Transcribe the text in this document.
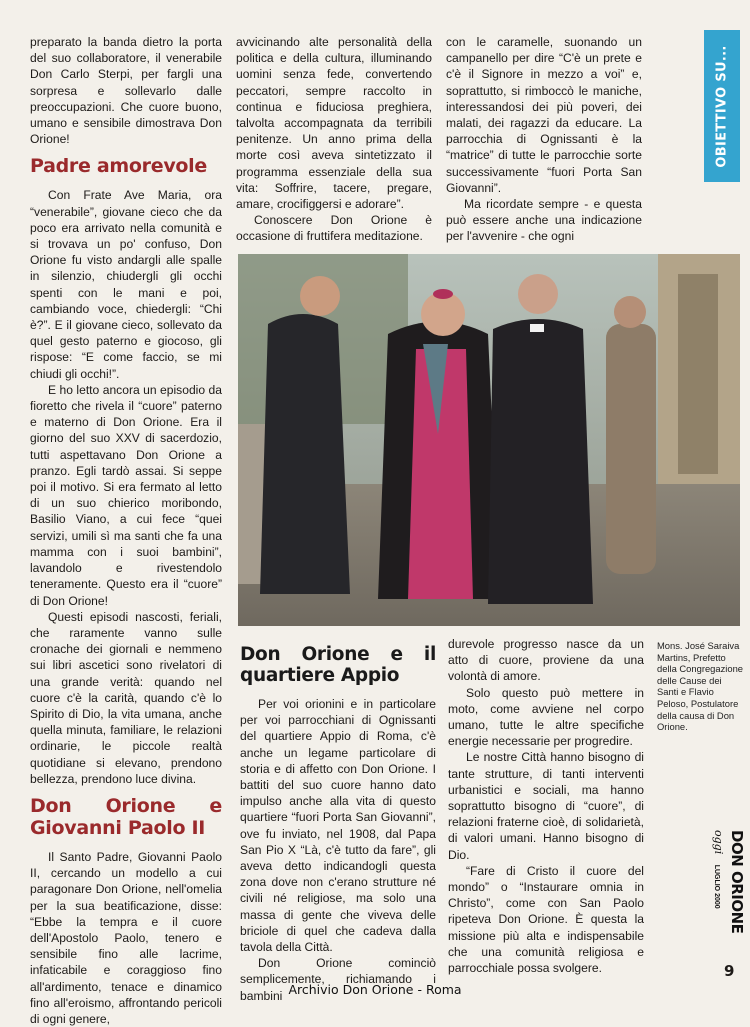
OBIETTIVO SU...

preparato la banda dietro la porta del suo collaboratore, il venerabile Don Carlo Sterpi, per fargli una sorpresa e sollevarlo dalle preoccupazioni. Che cuore buono, umano e sensibile dimostrava Don Orione!

Padre amorevole

Con Frate Ave Maria, ora “venerabile”, giovane cieco che da poco era arrivato nella comunità e si trovava un po' confuso, Don Orione fu visto andargli alle spalle in silenzio, chiudergli gli occhi spenti con le mani e poi, cambiando voce, chiedergli: “Chi è?”. E il giovane cieco, sollevato da quel gesto paterno e giocoso, gli rispose: “E come faccio, se mi chiudi gli occhi!”.

E ho letto ancora un episodio da fioretto che rivela il “cuore” paterno e materno di Don Orione. Era il giorno del suo XXV di sacerdozio, tutti aspettavano Don Orione a pranzo. Egli tardò assai. Si seppe poi il motivo. Si era fermato al letto di un suo chierico moribondo, Basilio Viano, a cui fece “quei servizi, umili sì ma santi che fa una mamma con i suoi bambini”, lavandolo e rivestendolo teneramente. Questo era il “cuore” di Don Orione!

Questi episodi nascosti, feriali, che raramente vanno sulle cronache dei giornali e nemmeno sui libri ascetici sono rivelatori di una grande verità: quando nel cuore c'è la carità, quando c'è lo Spirito di Dio, la vita umana, anche quella minuta, familiare, le relazioni ordinarie, le piccole realtà quotidiane si elevano, prendono bellezza, prendono luce divina.

Don Orione e Giovanni Paolo II

Il Santo Padre, Giovanni Paolo II, cercando un modello a cui paragonare Don Orione, nell'omelia per la sua beatificazione, disse: “Ebbe la tempra e il cuore dell'Apostolo Paolo, tenero e sensibile fino alle lacrime, infaticabile e coraggioso fino all'ardimento, tenace e dinamico fino all'eroismo, affrontando pericoli di ogni genere,

avvicinando alte personalità della politica e della cultura, illuminando uomini senza fede, convertendo peccatori, sempre raccolto in continua e fiduciosa preghiera, talvolta accompagnata da terribili penitenze. Un anno prima della morte così aveva sintetizzato il programma essenziale della sua vita: Soffrire, tacere, pregare, amare, crocifiggersi e adorare”.

Conoscere Don Orione è occasione di fruttifera meditazione.

con le caramelle, suonando un campanello per dire “C'è un prete e c'è il Signore in mezzo a voi” e, soprattutto, si rimboccò le maniche, interessandosi dei più poveri, dei malati, dei ragazzi da educare. La parrocchia di Ognissanti è la “matrice” di tutte le parrocchie sorte successivamente “fuori Porta San Giovanni”.

Ma ricordate sempre - e questa può essere anche una indicazione per l'avvenire - che ogni

Don Orione e il quartiere Appio

Per voi orionini e in particolare per voi parrocchiani di Ognissanti del quartiere Appio di Roma, c'è anche un legame particolare di storia e di affetto con Don Orione. I battiti del suo cuore hanno dato impulso anche alla vita di questo quartiere “fuori Porta San Giovanni”, ove fu inviato, nel 1908, dal Papa San Pio X “Là, c'è tutto da fare”, gli aveva detto indicandogli questa zona dove non c'erano strutture né civili né religiose, ma solo una massa di gente che viveva delle briciole di quel che cadeva dalla tavola della Città.

Don Orione cominciò semplicemente, richiamando i bambini

durevole progresso nasce da un atto di cuore, proviene da una volontà di amore.

Solo questo può mettere in moto, come avviene nel corpo umano, tutte le altre specifiche energie necessarie per progredire.

Le nostre Città hanno bisogno di tante strutture, di tanti interventi urbanistici e sociali, ma hanno soprattutto bisogno di “cuore”, di relazioni fraterne cioè, di solidarietà, di valori umani. Hanno bisogno di Dio.

“Fare di Cristo il cuore del mondo” o “Instaurare omnia in Christo”, come con San Paolo ripeteva Don Orione. È questa la missione più alta e indispensabile che una comunità religiosa e parrocchiale possa svolgere.

Mons. José Saraiva Martins, Prefetto della Congregazione delle Cause dei Santi e Flavio Peloso, Postulatore della causa di Don Orione.
DON ORIONE
oggi LUGLIO 2000
9
Archivio Don Orione - Roma
